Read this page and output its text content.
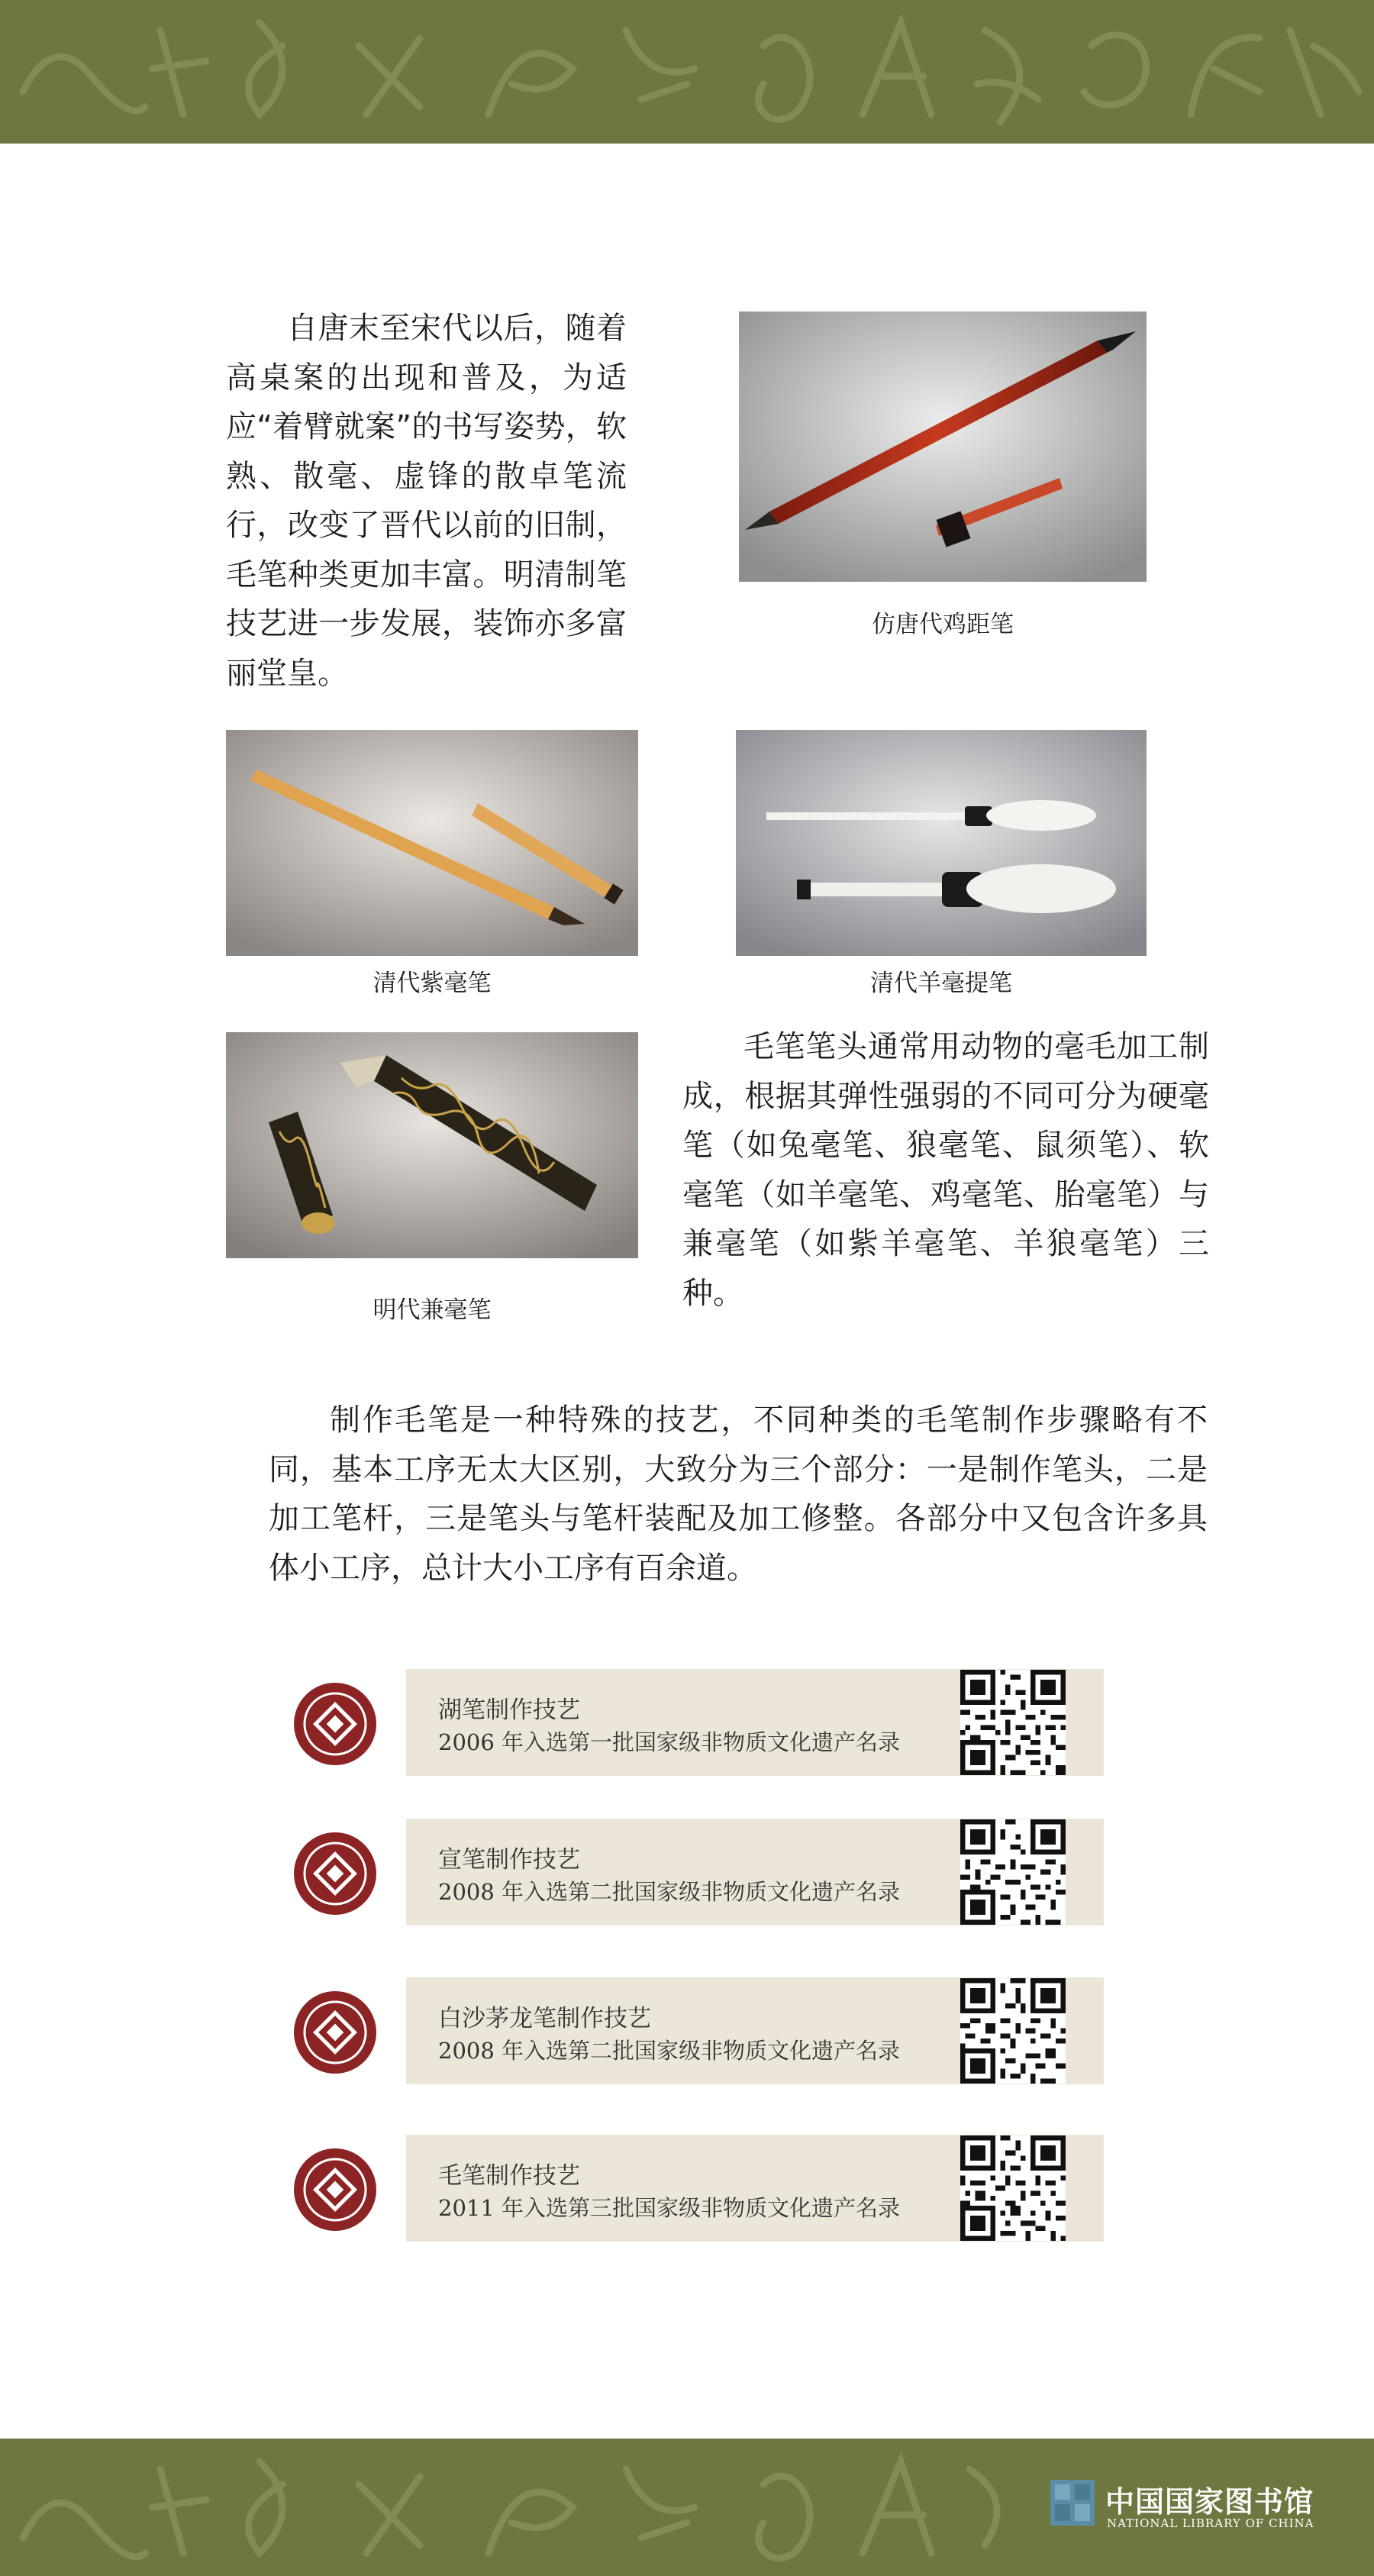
自唐末至宋代以后，随着高桌案的出现和普及，为适应“着臂就案”的书写姿势，软熟、散毫、虚锋的散卓笔流行，改变了晋代以前的旧制，毛笔种类更加丰富。明清制笔技艺进一步发展，装饰亦多富丽堂皇。

仿唐代鸡距笔
清代紫毫笔	清代羊毫提笔
明代兼毫笔

毛笔笔头通常用动物的毫毛加工制成，根据其弹性强弱的不同可分为硬毫笔（如兔毫笔、狼毫笔、鼠须笔）、软毫笔（如羊毫笔、鸡毫笔、胎毫笔）与兼毫笔（如紫羊毫笔、羊狼毫笔）三种。

制作毛笔是一种特殊的技艺，不同种类的毛笔制作步骤略有不同，基本工序无太大区别，大致分为三个部分：一是制作笔头，二是加工笔杆，三是笔头与笔杆装配及加工修整。各部分中又包含许多具体小工序，总计大小工序有百余道。

湖笔制作技艺
2006 年入选第一批国家级非物质文化遗产名录
宣笔制作技艺
2008 年入选第二批国家级非物质文化遗产名录
白沙茅龙笔制作技艺
2008 年入选第二批国家级非物质文化遗产名录
毛笔制作技艺
2011 年入选第三批国家级非物质文化遗产名录
中国国家图书馆
NATIONAL LIBRARY OF CHINA
